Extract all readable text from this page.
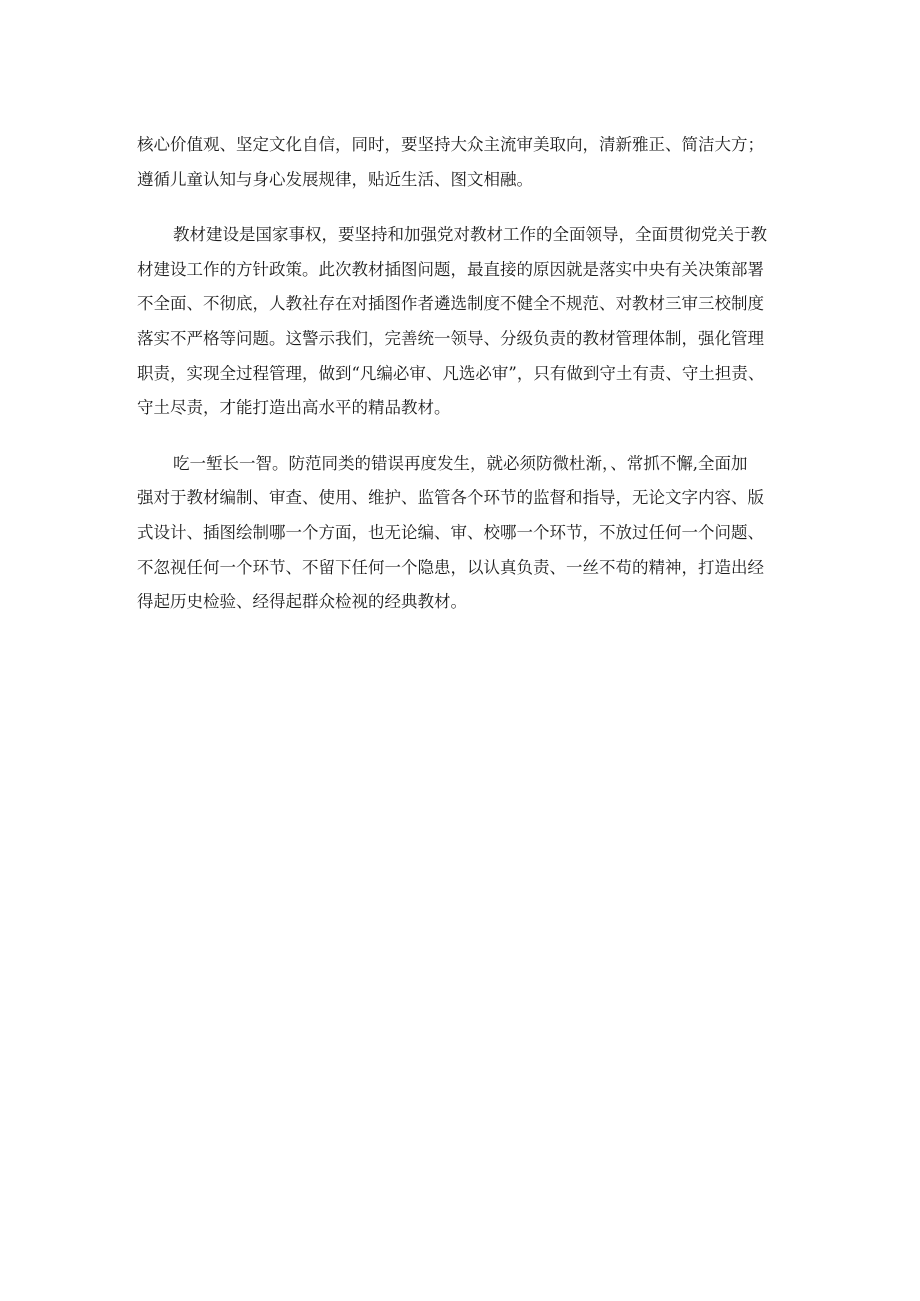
核心价值观、坚定文化自信，同时，要坚持大众主流审美取向，清新雅正、简洁大方；
遵循儿童认知与身心发展规律，贴近生活、图文相融。
教材建设是国家事权，要坚持和加强党对教材工作的全面领导，全面贯彻党关于教
材建设工作的方针政策。此次教材插图问题，最直接的原因就是落实中央有关决策部署
不全面、不彻底，人教社存在对插图作者遴选制度不健全不规范、对教材三审三校制度
落实不严格等问题。这警示我们，完善统一领导、分级负责的教材管理体制，强化管理
职责，实现全过程管理，做到“凡编必审、凡选必审”，只有做到守土有责、守土担责、
守土尽责，才能打造出高水平的精品教材。
吃一堑长一智。防范同类的错误再度发生，就必须防微杜渐，、常抓不懈,全面加
强对于教材编制、审查、使用、维护、监管各个环节的监督和指导，无论文字内容、版
式设计、插图绘制哪一个方面，也无论编、审、校哪一个环节，不放过任何一个问题、
不忽视任何一个环节、不留下任何一个隐患，以认真负责、一丝不苟的精神，打造出经
得起历史检验、经得起群众检视的经典教材。
